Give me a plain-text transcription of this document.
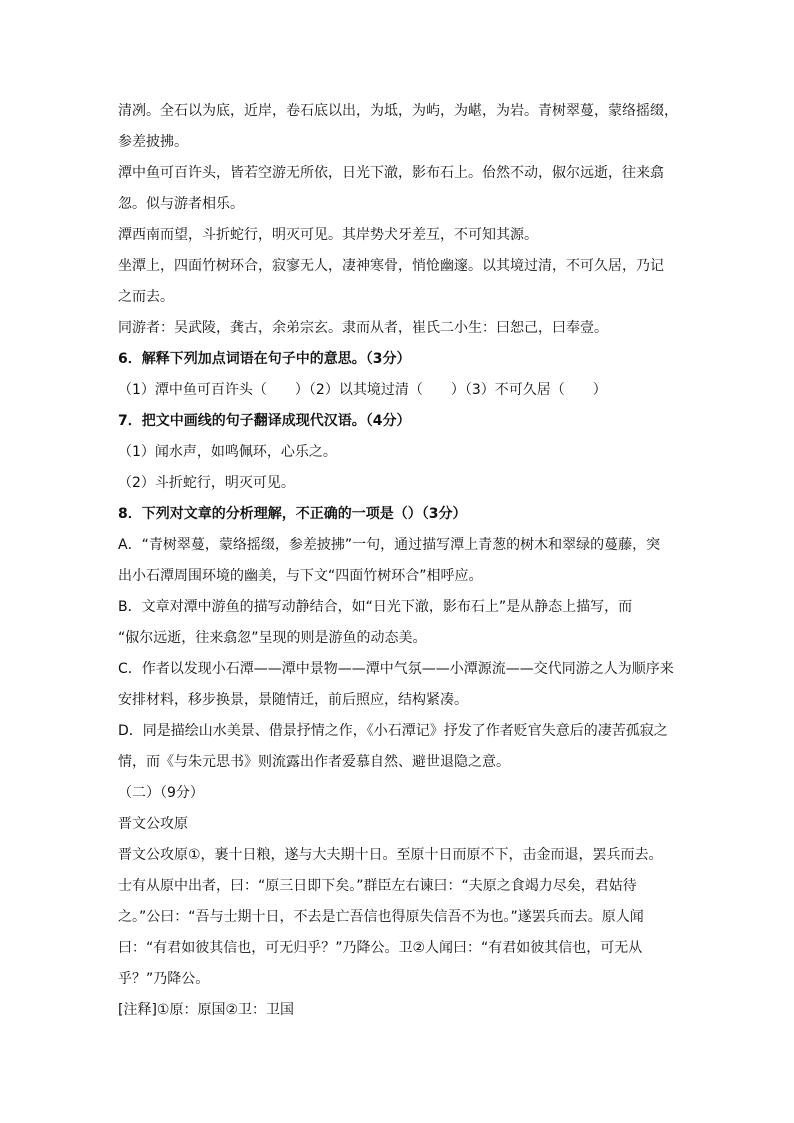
清冽。全石以为底，近岸，卷石底以出，为坻，为屿，为嵁，为岩。青树翠蔓，蒙络摇缀，
参差披拂。
潭中鱼可百许头，皆若空游无所依，日光下澈，影布石上。佁然不动，俶尔远逝，往来翕
忽。似与游者相乐。
潭西南而望，斗折蛇行，明灭可见。其岸势犬牙差互，不可知其源。
坐潭上，四面竹树环合，寂寥无人，凄神寒骨，悄怆幽邃。以其境过清，不可久居，乃记
之而去。
同游者：吴武陵，龚古，余弟宗玄。隶而从者，崔氏二小生：曰恕己，曰奉壹。
6．解释下列加点词语在句子中的意思。（3分）
（1）潭中鱼可百许头（　　）（2）以其境过清（　　）（3）不可久居（　　）
7．把文中画线的句子翻译成现代汉语。（4分）
（1）闻水声，如鸣佩环，心乐之。
（2）斗折蛇行，明灭可见。
8．下列对文章的分析理解，不正确的一项是（）（3分）
A．“青树翠蔓，蒙络摇缀，参差披拂”一句，通过描写潭上青葱的树木和翠绿的蔓藤，突
出小石潭周围环境的幽美，与下文“四面竹树环合”相呼应。
B．文章对潭中游鱼的描写动静结合，如“日光下澈，影布石上”是从静态上描写，而
“俶尔远逝，往来翕忽”呈现的则是游鱼的动态美。
C．作者以发现小石潭——潭中景物——潭中气氛——小潭源流——交代同游之人为顺序来
安排材料，移步换景，景随情迁，前后照应，结构紧凑。
D．同是描绘山水美景、借景抒情之作，《小石潭记》抒发了作者贬官失意后的凄苦孤寂之
情，而《与朱元思书》则流露出作者爱慕自然、避世退隐之意。
（二）（9分）
晋文公攻原
晋文公攻原①，裹十日粮，遂与大夫期十日。至原十日而原不下，击金而退，罢兵而去。
士有从原中出者，曰：“原三日即下矣。”群臣左右谏曰：“夫原之食竭力尽矣，君姑待
之。”公曰：“吾与士期十日，不去是亡吾信也得原失信吾不为也。”遂罢兵而去。原人闻
曰：“有君如彼其信也，可无归乎？”乃降公。卫②人闻曰：“有君如彼其信也，可无从
乎？”乃降公。
[注释]①原：原国②卫：卫国
